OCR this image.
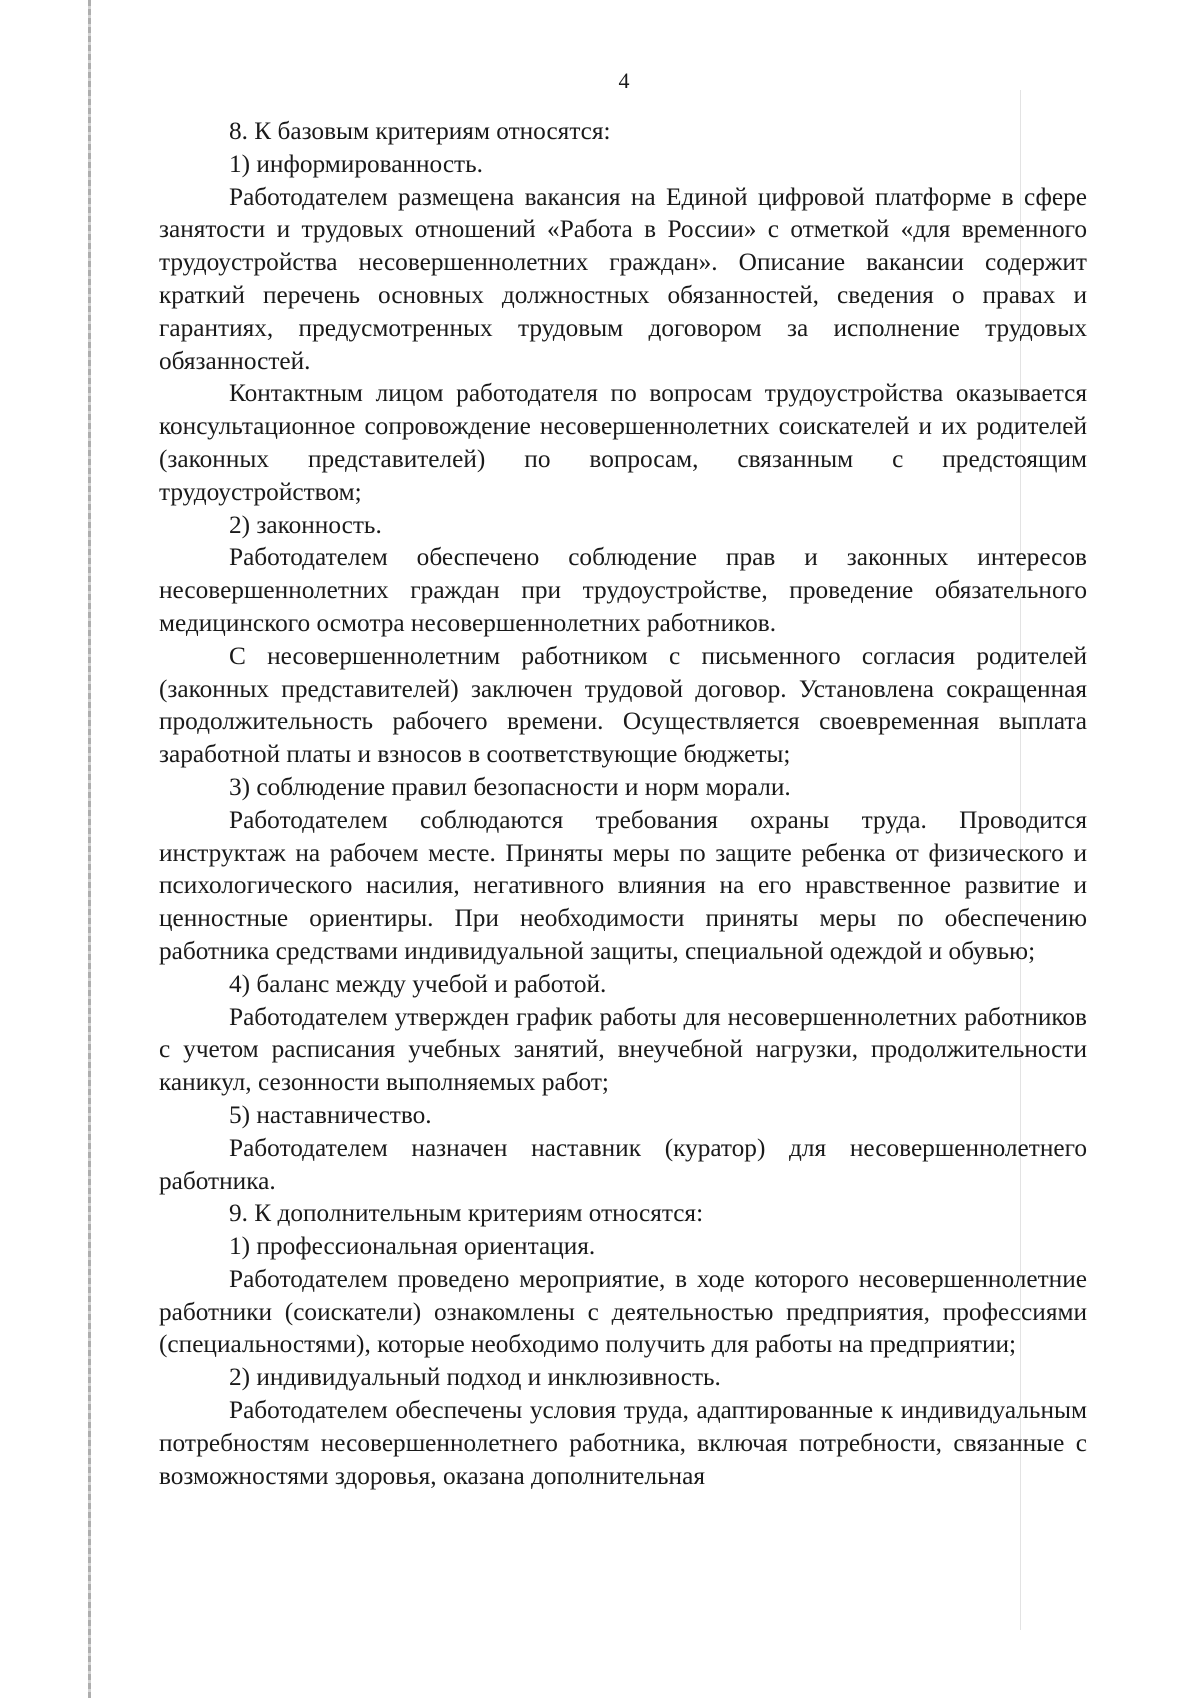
4

8. К базовым критериям относятся:

1) информированность.

Работодателем размещена вакансия на Единой цифровой платформе в сфере занятости и трудовых отношений «Работа в России» с отметкой «для временного трудоустройства несовершеннолетних граждан». Описание вакансии содержит краткий перечень основных должностных обязанностей, сведения о правах и гарантиях, предусмотренных трудовым договором за исполнение трудовых обязанностей.

Контактным лицом работодателя по вопросам трудоустройства оказывается консультационное сопровождение несовершеннолетних соискателей и их родителей (законных представителей) по вопросам, связанным с предстоящим трудоустройством;

2) законность.

Работодателем обеспечено соблюдение прав и законных интересов несовершеннолетних граждан при трудоустройстве, проведение обязательного медицинского осмотра несовершеннолетних работников.

С несовершеннолетним работником с письменного согласия родителей (законных представителей) заключен трудовой договор. Установлена сокращенная продолжительность рабочего времени. Осуществляется своевременная выплата заработной платы и взносов в соответствующие бюджеты;

3) соблюдение правил безопасности и норм морали.

Работодателем соблюдаются требования охраны труда. Проводится инструктаж на рабочем месте. Приняты меры по защите ребенка от физического и психологического насилия, негативного влияния на его нравственное развитие и ценностные ориентиры. При необходимости приняты меры по обеспечению работника средствами индивидуальной защиты, специальной одеждой и обувью;

4) баланс между учебой и работой.

Работодателем утвержден график работы для несовершеннолетних работников с учетом расписания учебных занятий, внеучебной нагрузки, продолжительности каникул, сезонности выполняемых работ;

5) наставничество.

Работодателем назначен наставник (куратор) для несовершеннолетнего работника.

9. К дополнительным критериям относятся:

1) профессиональная ориентация.

Работодателем проведено мероприятие, в ходе которого несовершеннолетние работники (соискатели) ознакомлены с деятельностью предприятия, профессиями (специальностями), которые необходимо получить для работы на предприятии;

2) индивидуальный подход и инклюзивность.

Работодателем обеспечены условия труда, адаптированные к индивидуальным потребностям несовершеннолетнего работника, включая потребности, связанные с возможностями здоровья, оказана дополнительная
